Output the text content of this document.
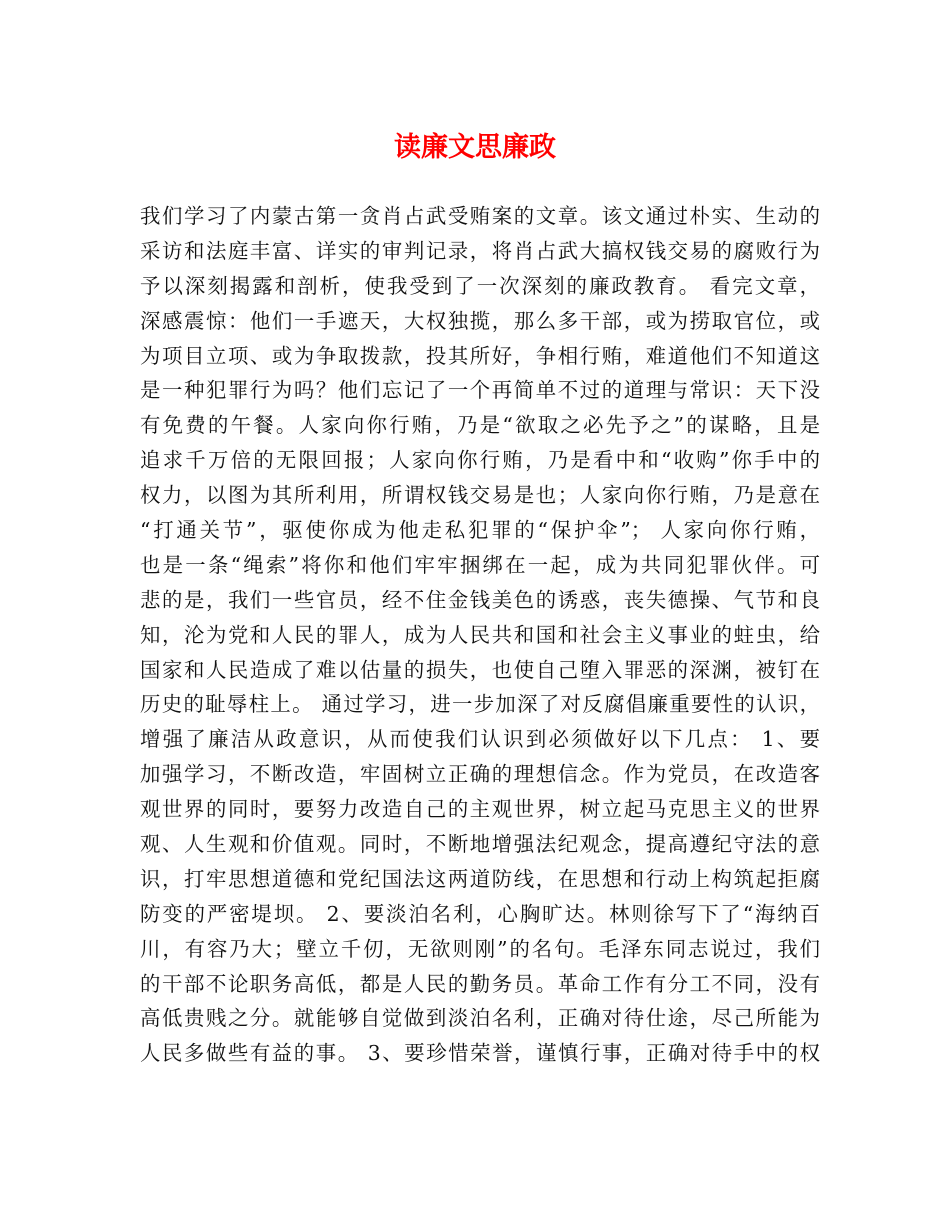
读廉文思廉政
我们学习了内蒙古第一贪肖占武受贿案的文章。该文通过朴实、生动的
采访和法庭丰富、详实的审判记录，将肖占武大搞权钱交易的腐败行为
予以深刻揭露和剖析，使我受到了一次深刻的廉政教育。 看完文章，
深感震惊：他们一手遮天，大权独揽，那么多干部，或为捞取官位，或
为项目立项、或为争取拨款，投其所好，争相行贿，难道他们不知道这
是一种犯罪行为吗？他们忘记了一个再简单不过的道理与常识：天下没
有免费的午餐。人家向你行贿，乃是“欲取之必先予之”的谋略，且是
追求千万倍的无限回报；人家向你行贿，乃是看中和“收购”你手中的
权力，以图为其所利用，所谓权钱交易是也；人家向你行贿，乃是意在
“打通关节”，驱使你成为他走私犯罪的“保护伞”； 人家向你行贿，
也是一条“绳索”将你和他们牢牢捆绑在一起，成为共同犯罪伙伴。可
悲的是，我们一些官员，经不住金钱美色的诱惑，丧失德操、气节和良
知，沦为党和人民的罪人，成为人民共和国和社会主义事业的蛀虫，给
国家和人民造成了难以估量的损失，也使自己堕入罪恶的深渊，被钉在
历史的耻辱柱上。 通过学习，进一步加深了对反腐倡廉重要性的认识，
增强了廉洁从政意识，从而使我们认识到必须做好以下几点： 1、要
加强学习，不断改造，牢固树立正确的理想信念。作为党员，在改造客
观世界的同时，要努力改造自己的主观世界，树立起马克思主义的世界
观、人生观和价值观。同时，不断地增强法纪观念，提高遵纪守法的意
识，打牢思想道德和党纪国法这两道防线，在思想和行动上构筑起拒腐
防变的严密堤坝。 2、要淡泊名利，心胸旷达。林则徐写下了“海纳百
川，有容乃大；壁立千仞，无欲则刚”的名句。毛泽东同志说过，我们
的干部不论职务高低，都是人民的勤务员。革命工作有分工不同，没有
高低贵贱之分。就能够自觉做到淡泊名利，正确对待仕途，尽己所能为
人民多做些有益的事。 3、要珍惜荣誉，谨慎行事，正确对待手中的权
